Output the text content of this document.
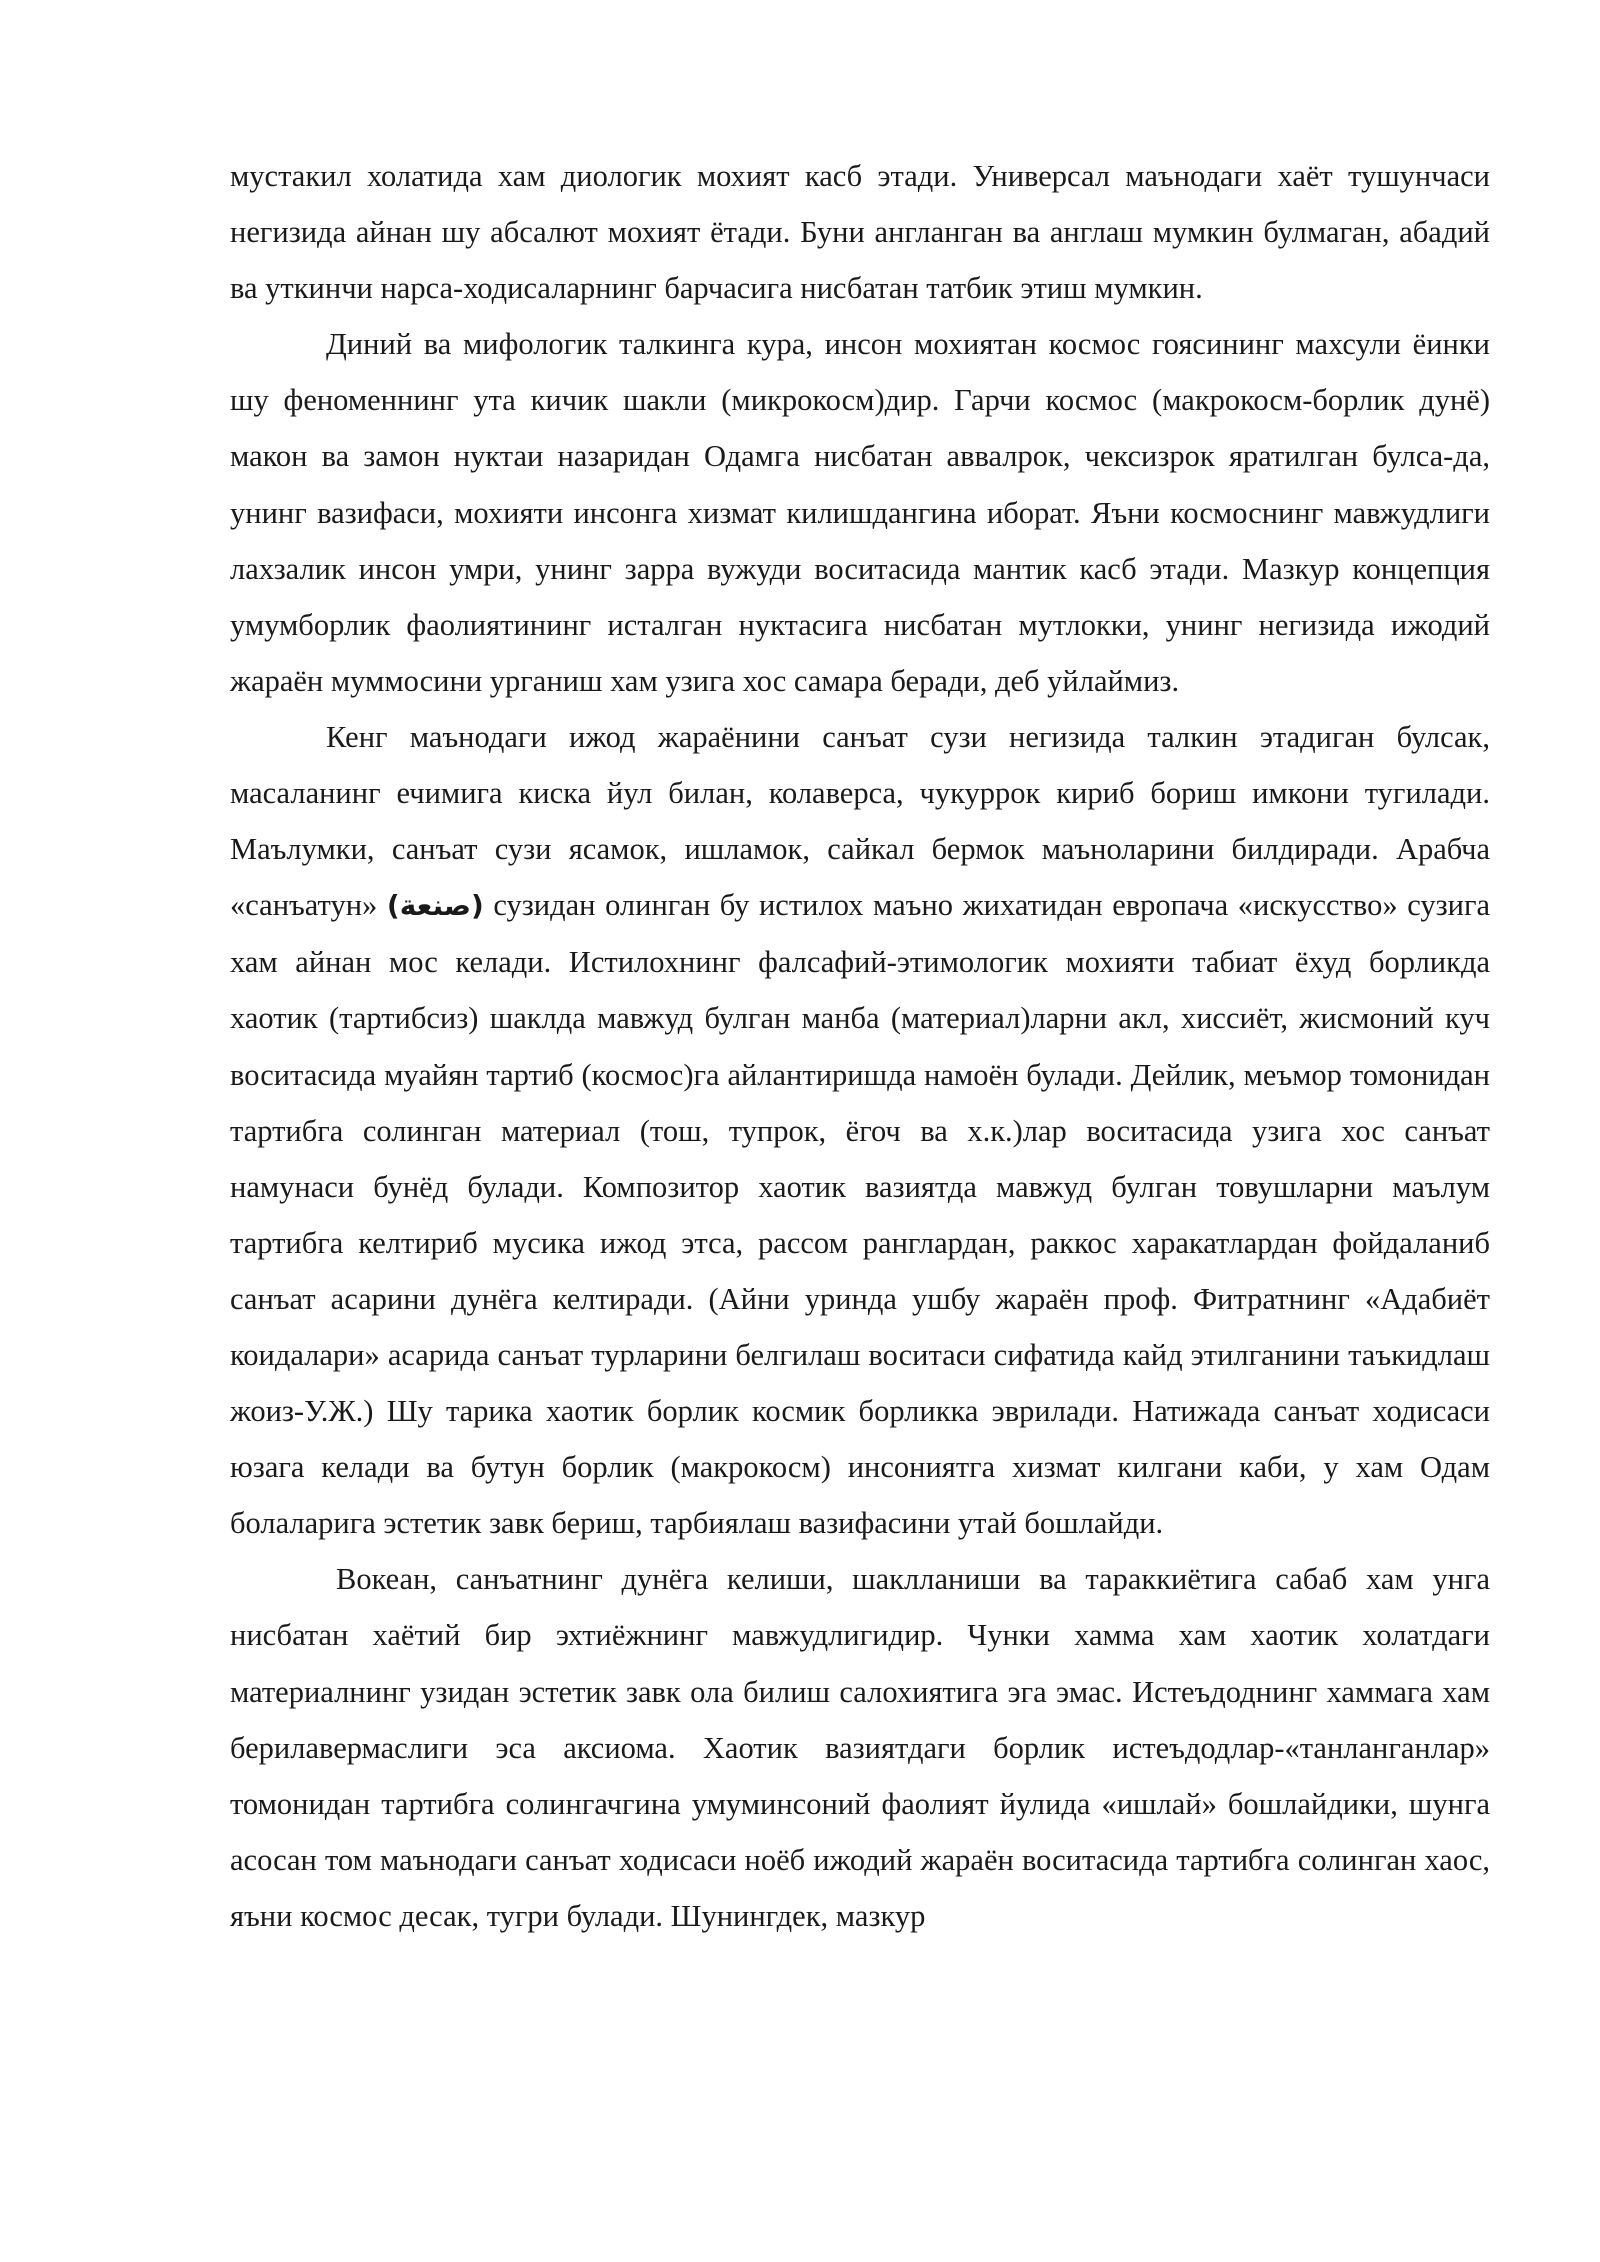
мустакил холатида хам диологик мохият касб этади. Универсал маънодаги хаёт тушунчаси негизида айнан шу абсалют мохият ётади. Буни англанган ва англаш мумкин булмаган, абадий ва уткинчи нарса-ходисаларнинг барчасига нисбатан татбик этиш мумкин.

Диний ва мифологик талкинга кура, инсон мохиятан космос гоясининг махсули ёинки шу феноменнинг ута кичик шакли (микрокосм)дир. Гарчи космос (макрокосм-борлик дунё) макон ва замон нуктаи назаридан Одамга нисбатан аввалрок, чексизрок яратилган булса-да, унинг вазифаси, мохияти инсонга хизмат килишдангина иборат. Яъни космоснинг мавжудлиги лахзалик инсон умри, унинг зарра вужуди воситасида мантик касб этади. Мазкур концепция умумборлик фаолиятининг исталган нуктасига нисбатан мутлокки, унинг негизида ижодий жараён муммосини урганиш хам узига хос самара беради, деб уйлаймиз.

Кенг маънодаги ижод жараёнини санъат сузи негизида талкин этадиган булсак, масаланинг ечимига киска йул билан, колаверса, чукуррок кириб бориш имкони тугилади. Маълумки, санъат сузи ясамок, ишламок, сайкал бермок маъноларини билдиради. Арабча «санъатун» (صنعة) сузидан олинган бу истилох маъно жихатидан европача «искусство» сузига хам айнан мос келади. Истилохнинг фалсафий-этимологик мохияти табиат ёхуд борликда хаотик (тартибсиз) шаклда мавжуд булган манба (материал)ларни акл, хиссиёт, жисмоний куч воситасида муайян тартиб (космос)га айлантиришда намоён булади. Дейлик, меъмор томонидан тартибга солинган материал (тош, тупрок, ёгоч ва х.к.)лар воситасида узига хос санъат намунаси бунёд булади. Композитор хаотик вазиятда мавжуд булган товушларни маълум тартибга келтириб мусика ижод этса, рассом ранглардан, раккос харакатлардан фойдаланиб санъат асарини дунёга келтиради. (Айни уринда ушбу жараён проф. Фитратнинг «Адабиёт коидалари» асарида санъат турларини белгилаш воситаси сифатида кайд этилганини таъкидлаш жоиз-У.Ж.) Шу тарика хаотик борлик космик борликка эврилади. Натижада санъат ходисаси юзага келади ва бутун борлик (макрокосм) инсониятга хизмат килгани каби, у хам Одам болаларига эстетик завк бериш, тарбиялаш вазифасини утай бошлайди.

Вокеан, санъатнинг дунёга келиши, шаклланиши ва тараккиётига сабаб хам унга нисбатан хаётий бир эхтиёжнинг мавжудлигидир. Чунки хамма хам хаотик холатдаги материалнинг узидан эстетик завк ола билиш салохиятига эга эмас. Истеъдоднинг хаммага хам берилавермаслиги эса аксиома. Хаотик вазиятдаги борлик истеъдодлар-«танланганлар» томонидан тартибга солингачгина умуминсоний фаолият йулида «ишлай» бошлайдики, шунга асосан том маънодаги санъат ходисаси ноёб ижодий жараён воситасида тартибга солинган хаос, яъни космос десак, тугри булади. Шунингдек, мазкур
